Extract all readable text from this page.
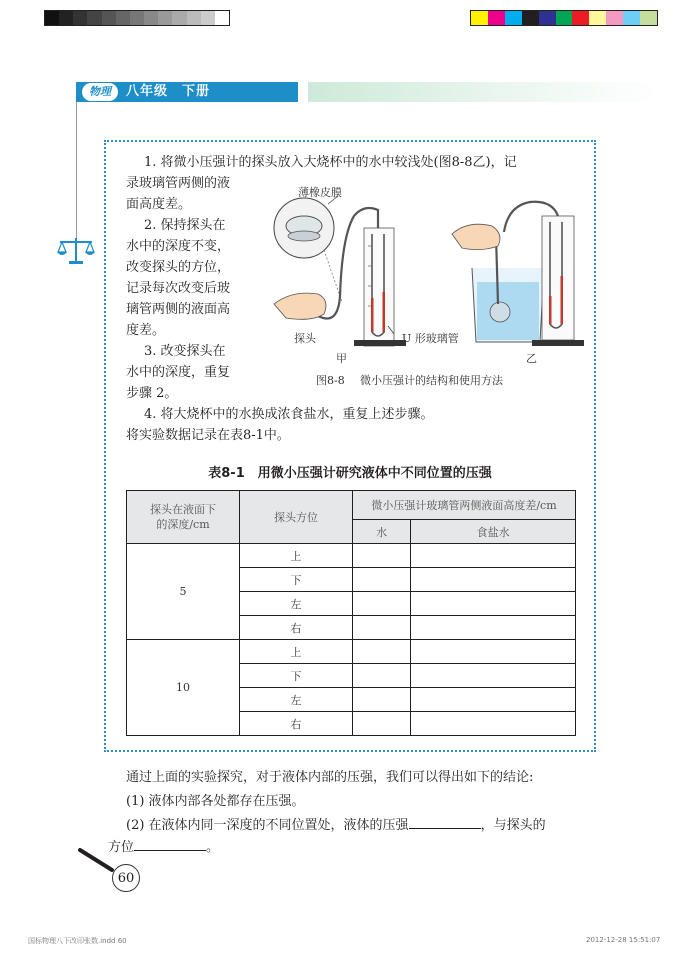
物理	八年级　下册
1. 将微小压强计的探头放入大烧杯中的水中较浅处(图8-8乙)，记
录玻璃管两侧的液
面高度差。
2. 保持探头在
水中的深度不变，
改变探头的方位，
记录每次改变后玻
璃管两侧的液面高
度差。
3. 改变探头在
水中的深度，重复
步骤 2。
4. 将大烧杯中的水换成浓食盐水，重复上述步骤。
将实验数据记录在表8-1中。
薄橡皮膜
探头	U 形玻璃管
甲	乙
图8-8 微小压强计的结构和使用方法
表8-1　用微小压强计研究液体中不同位置的压强
探头在液面下
的深度/cm	探头方位	微小压强计玻璃管两侧液面高度差/cm	
		水	食盐水
5	上		
	下		
	左		
	右		
10	上		
	下		
	左		
	右		
通过上面的实验探究，对于液体内部的压强，我们可以得出如下的结论:
(1) 液体内部各处都存在压强。
(2) 在液体内同一深度的不同位置处，液体的压强	，与探头的
方位	。
60
国标物理八下改印张数.indd 60	2012-12-28 15:51:07
